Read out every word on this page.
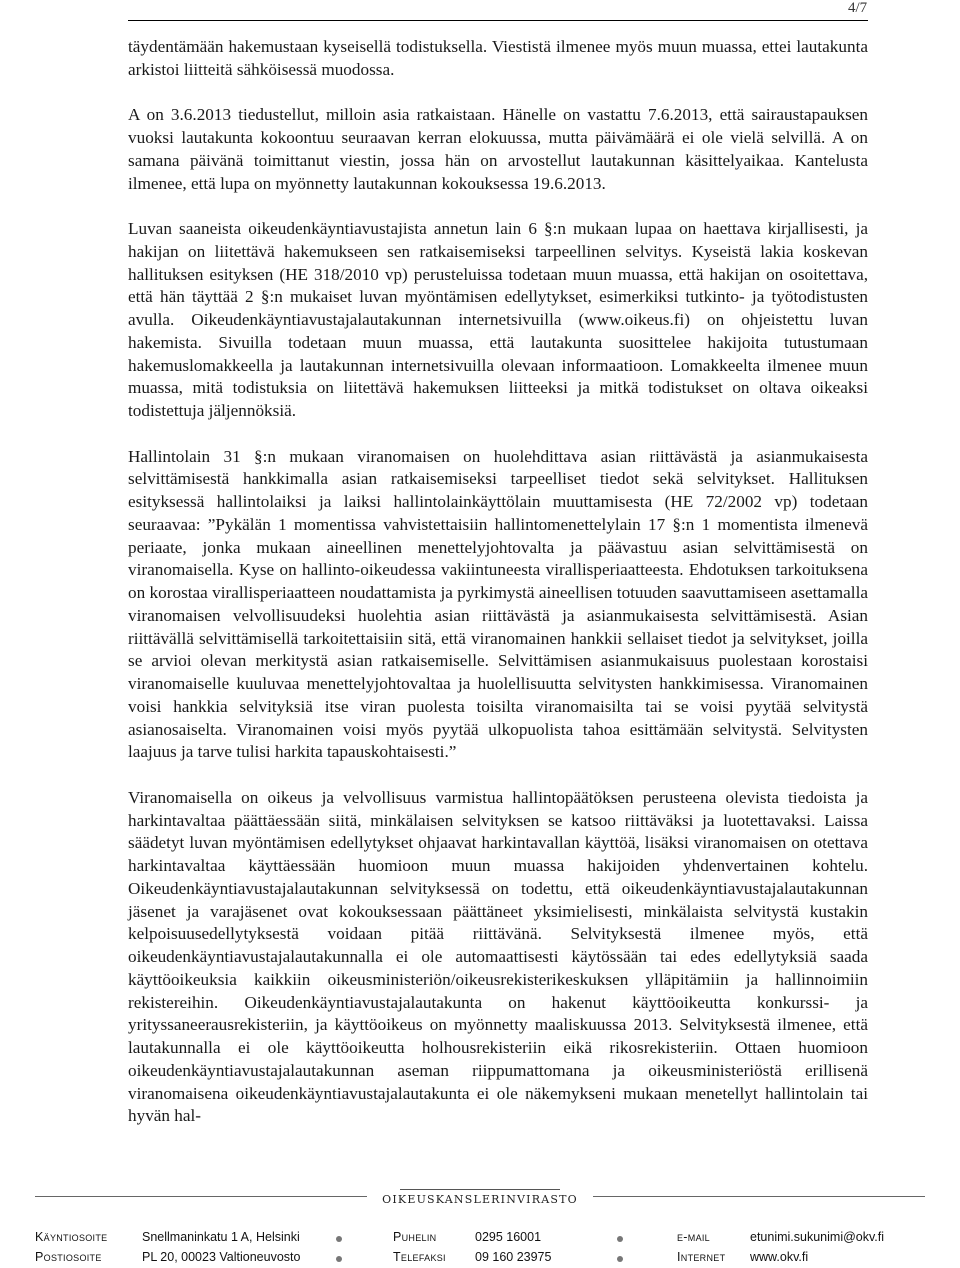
4/7

täydentämään hakemustaan kyseisellä todistuksella. Viestistä ilmenee myös muun muassa, ettei lautakunta arkistoi liitteitä sähköisessä muodossa.

A on 3.6.2013 tiedustellut, milloin asia ratkaistaan. Hänelle on vastattu 7.6.2013, että sairaustapauksen vuoksi lautakunta kokoontuu seuraavan kerran elokuussa, mutta päivämäärä ei ole vielä selvillä. A on samana päivänä toimittanut viestin, jossa hän on arvostellut lautakunnan käsittelyaikaa. Kantelusta ilmenee, että lupa on myönnetty lautakunnan kokouksessa 19.6.2013.

Luvan saaneista oikeudenkäyntiavustajista annetun lain 6 §:n mukaan lupaa on haettava kirjallisesti, ja hakijan on liitettävä hakemukseen sen ratkaisemiseksi tarpeellinen selvitys. Kyseistä lakia koskevan hallituksen esityksen (HE 318/2010 vp) perusteluissa todetaan muun muassa, että hakijan on osoitettava, että hän täyttää 2 §:n mukaiset luvan myöntämisen edellytykset, esimerkiksi tutkinto- ja työtodistusten avulla. Oikeudenkäyntiavustajalautakunnan internetsivuilla (www.oikeus.fi) on ohjeistettu luvan hakemista. Sivuilla todetaan muun muassa, että lautakunta suosittelee hakijoita tutustumaan hakemuslomakkeella ja lautakunnan internetsivuilla olevaan informaatioon. Lomakkeelta ilmenee muun muassa, mitä todistuksia on liitettävä hakemuksen liitteeksi ja mitkä todistukset on oltava oikeaksi todistettuja jäljennöksiä.

Hallintolain 31 §:n mukaan viranomaisen on huolehdittava asian riittävästä ja asianmukaisesta selvittämisestä hankkimalla asian ratkaisemiseksi tarpeelliset tiedot sekä selvitykset. Hallituksen esityksessä hallintolaiksi ja laiksi hallintolainkäyttölain muuttamisesta (HE 72/2002 vp) todetaan seuraavaa: ”Pykälän 1 momentissa vahvistettaisiin hallintomenettelylain 17 §:n 1 momentista ilmenevä periaate, jonka mukaan aineellinen menettelyjohtovalta ja päävastuu asian selvittämisestä on viranomaisella. Kyse on hallinto-oikeudessa vakiintuneesta virallisperiaatteesta. Ehdotuksen tarkoituksena on korostaa virallisperiaatteen noudattamista ja pyrkimystä aineellisen totuuden saavuttamiseen asettamalla viranomaisen velvollisuudeksi huolehtia asian riittävästä ja asianmukaisesta selvittämisestä. Asian riittävällä selvittämisellä tarkoitettaisiin sitä, että viranomainen hankkii sellaiset tiedot ja selvitykset, joilla se arvioi olevan merkitystä asian ratkaisemiselle. Selvittämisen asianmukaisuus puolestaan korostaisi viranomaiselle kuuluvaa menettelyjohtovaltaa ja huolellisuutta selvitysten hankkimisessa. Viranomainen voisi hankkia selvityksiä itse viran puolesta toisilta viranomaisilta tai se voisi pyytää selvitystä asianosaiselta. Viranomainen voisi myös pyytää ulkopuolista tahoa esittämään selvitystä. Selvitysten laajuus ja tarve tulisi harkita tapauskohtaisesti.”

Viranomaisella on oikeus ja velvollisuus varmistua hallintopäätöksen perusteena olevista tiedoista ja harkintavaltaa päättäessään siitä, minkälaisen selvityksen se katsoo riittäväksi ja luotettavaksi. Laissa säädetyt luvan myöntämisen edellytykset ohjaavat harkintavallan käyttöä, lisäksi viranomaisen on otettava harkintavaltaa käyttäessään huomioon muun muassa hakijoiden yhdenvertainen kohtelu. Oikeudenkäyntiavustajalautakunnan selvityksessä on todettu, että oikeudenkäyntiavustajalautakunnan jäsenet ja varajäsenet ovat kokouksessaan päättäneet yksimielisesti, minkälaista selvitystä kustakin kelpoisuusedellytyksestä voidaan pitää riittävänä. Selvityksestä ilmenee myös, että oikeudenkäyntiavustajalautakunnalla ei ole automaattisesti käytössään tai edes edellytyksiä saada käyttöoikeuksia kaikkiin oikeusministeriön/oikeusrekisterikeskuksen ylläpitämiin ja hallinnoimiin rekistereihin. Oikeudenkäyntiavustajalautakunta on hakenut käyttöoikeutta konkurssi- ja yrityssaneerausrekisteriin, ja käyttöoikeus on myönnetty maaliskuussa 2013. Selvityksestä ilmenee, että lautakunnalla ei ole käyttöoikeutta holhousrekisteriin eikä rikosrekisteriin. Ottaen huomioon oikeudenkäyntiavustajalautakunnan aseman riippumattomana ja oikeusministeriöstä erillisenä viranomaisena oikeudenkäyntiavustajalautakunta ei ole näkemykseni mukaan menetellyt hallintolain tai hyvän hal-

OIKEUSKANSLERINVIRASTO
Käyntiosoite	Snellmaninkatu 1 A, Helsinki	Puhelin	0295 16001	e-mail	etunimi.sukunimi@okv.fi
Postiosoite	PL 20, 00023 Valtioneuvosto	Telefaksi 09 160 23975	Internet www.okv.fi
